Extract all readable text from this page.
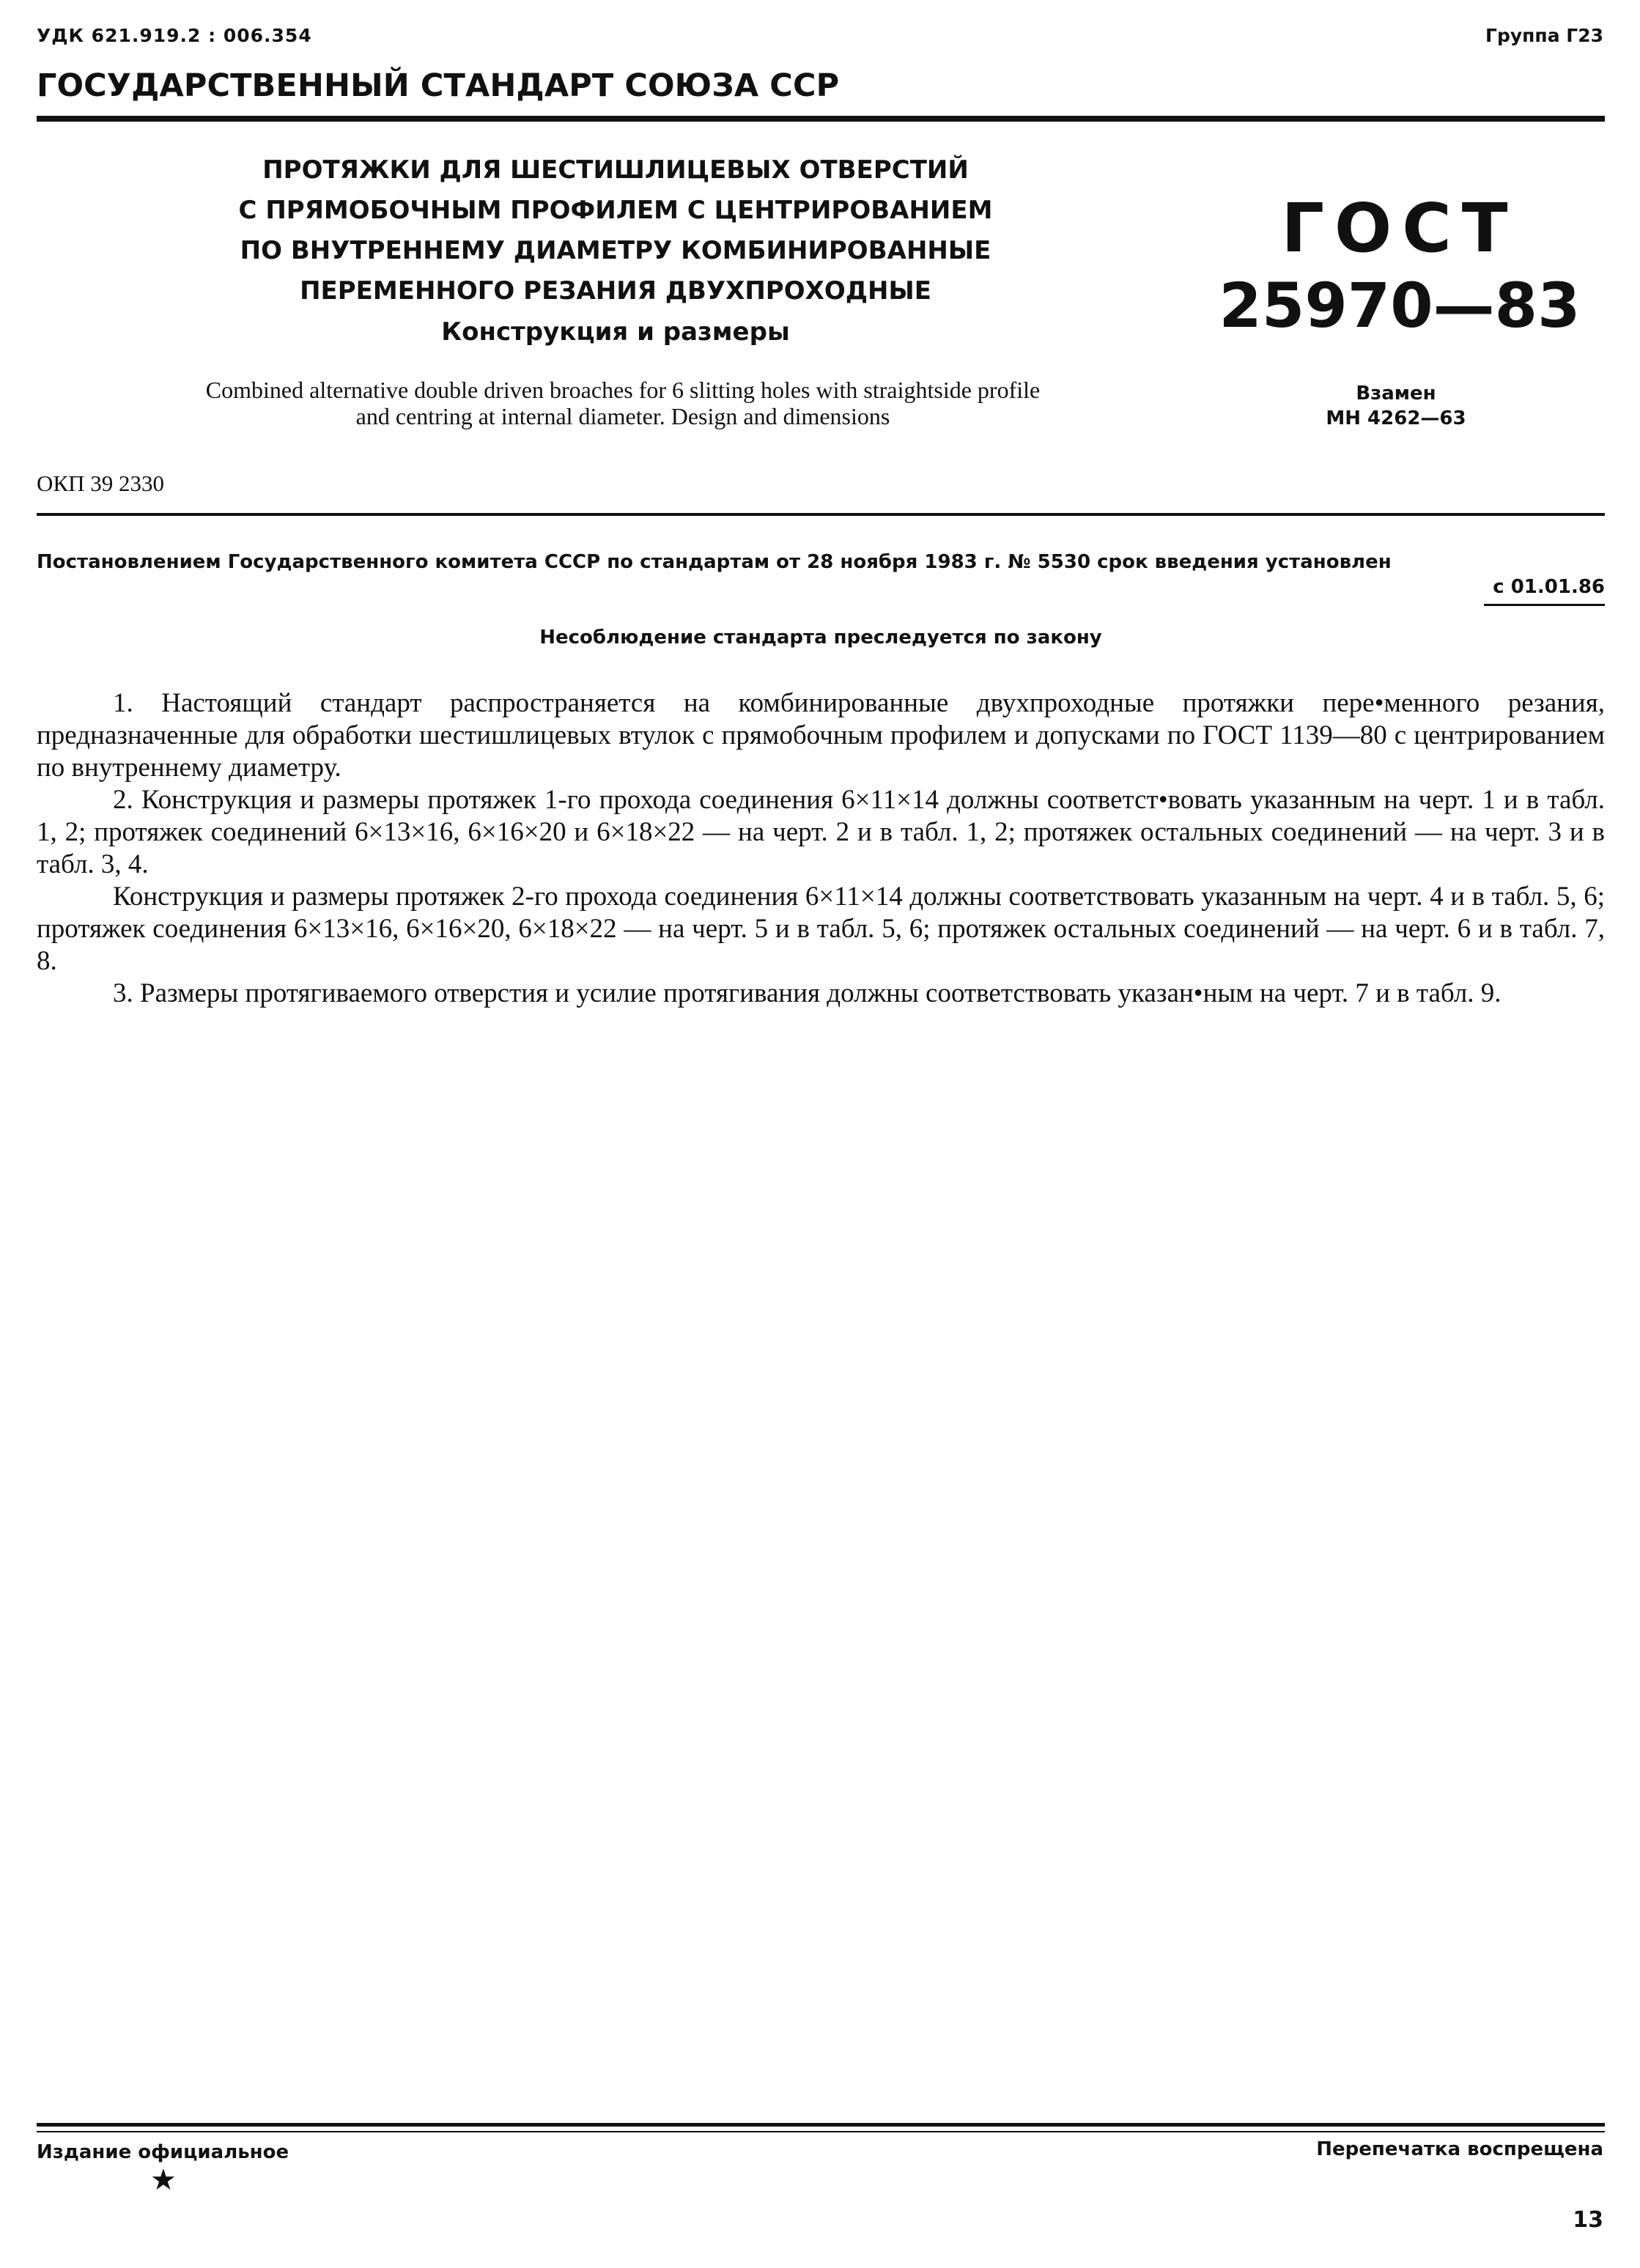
УДК 621.919.2 : 006.354	Группа Г23
ГОСУДАРСТВЕННЫЙ СТАНДАРТ СОЮЗА ССР
ПРОТЯЖКИ ДЛЯ ШЕСТИШЛИЦЕВЫХ ОТВЕРСТИЙ
С ПРЯМОБОЧНЫМ ПРОФИЛЕМ С ЦЕНТРИРОВАНИЕМ
ПО ВНУТРЕННЕМУ ДИАМЕТРУ КОМБИНИРОВАННЫЕ
ПЕРЕМЕННОГО РЕЗАНИЯ ДВУХПРОХОДНЫЕ
Конструкция и размеры
Combined alternative double driven broaches for 6 slitting holes with straightside profile
and centring at internal diameter. Design and dimensions
ГОСТ
25970—83
Взамен
МН 4262—63
ОКП 39 2330
Постановлением Государственного комитета СССР по стандартам от 28 ноября 1983 г. № 5530 срок введения установлен
с 01.01.86
Несоблюдение стандарта преследуется по закону

1. Настоящий стандарт распространяется на комбинированные двухпроходные протяжки пере•менного резания, предназначенные для обработки шестишлицевых втулок с прямобочным профилем и допусками по ГОСТ 1139—80 с центрированием по внутреннему диаметру.

2. Конструкция и размеры протяжек 1-го прохода соединения 6×11×14 должны соответст•вовать указанным на черт. 1 и в табл. 1, 2; протяжек соединений 6×13×16, 6×16×20 и 6×18×22 — на черт. 2 и в табл. 1, 2; протяжек остальных соединений — на черт. 3 и в табл. 3, 4.

Конструкция и размеры протяжек 2-го прохода соединения 6×11×14 должны соответствовать указанным на черт. 4 и в табл. 5, 6; протяжек соединения 6×13×16, 6×16×20, 6×18×22 — на черт. 5 и в табл. 5, 6; протяжек остальных соединений — на черт. 6 и в табл. 7, 8.

3. Размеры протягиваемого отверстия и усилие протягивания должны соответствовать указан•ным на черт. 7 и в табл. 9.

Издание официальное
★
Перепечатка воспрещена
13
